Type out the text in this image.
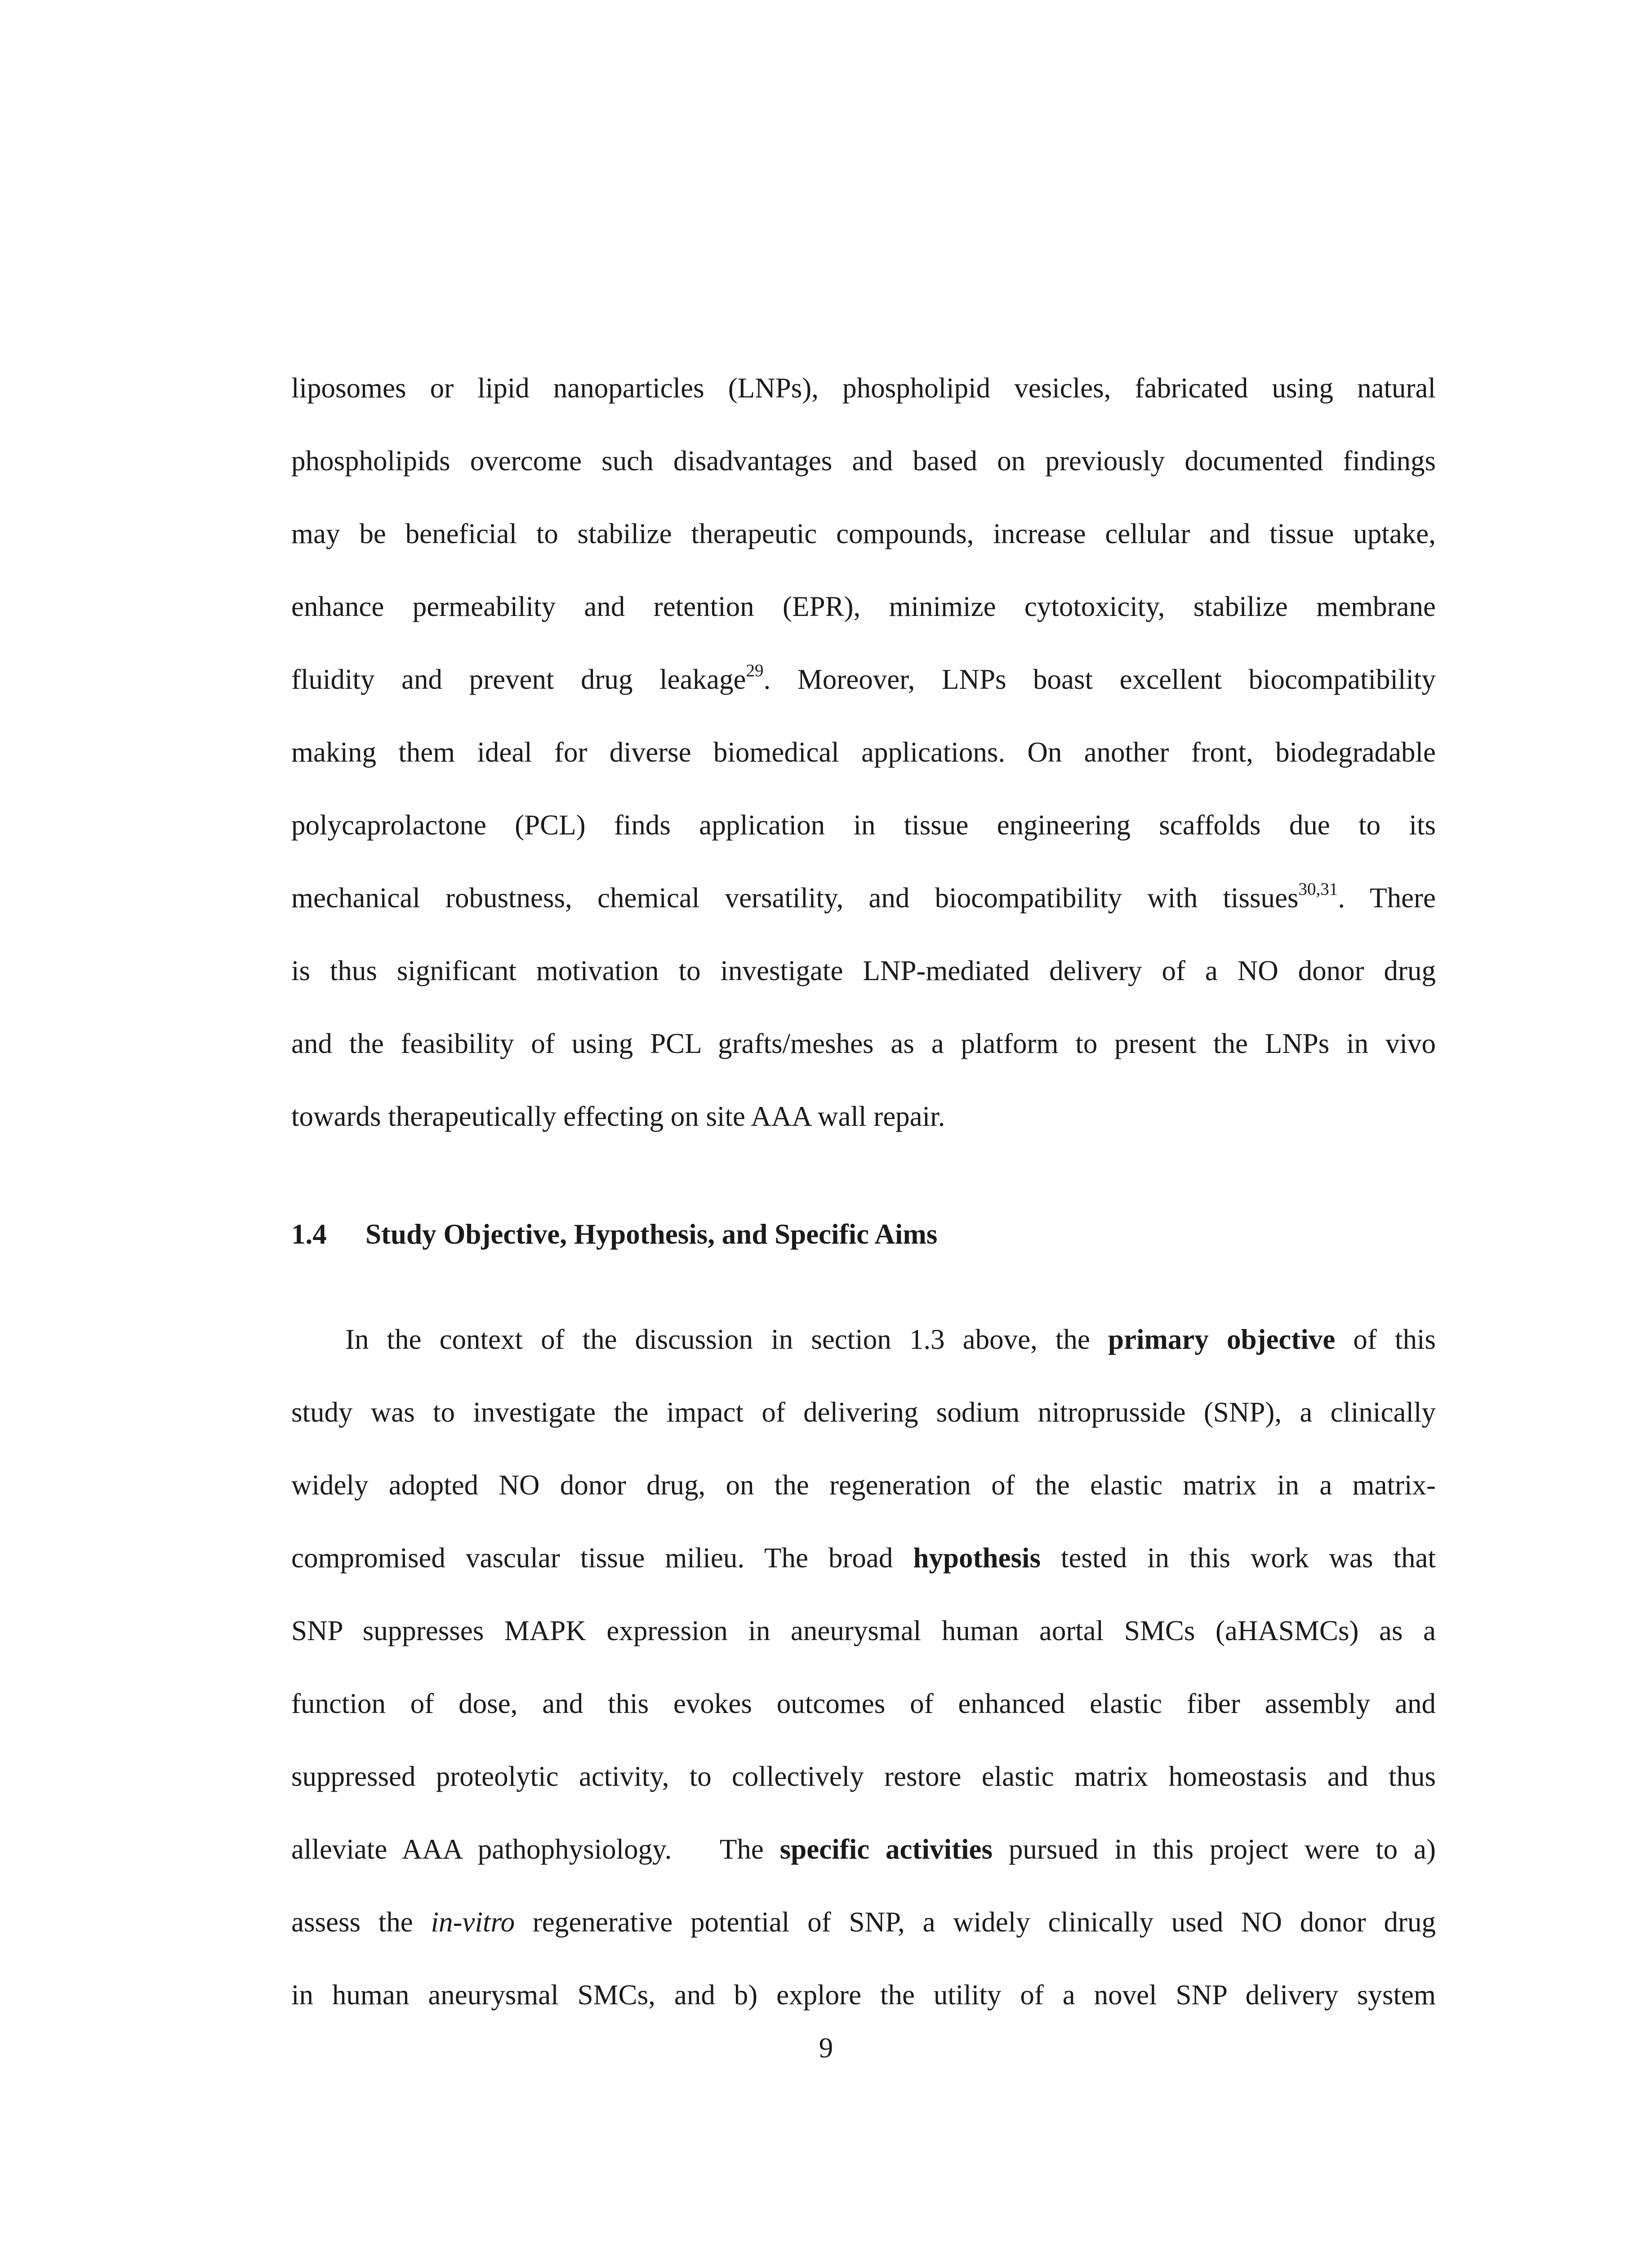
liposomes or lipid nanoparticles (LNPs), phospholipid vesicles, fabricated using natural
phospholipids overcome such disadvantages and based on previously documented findings
may be beneficial to stabilize therapeutic compounds, increase cellular and tissue uptake,
enhance permeability and retention (EPR), minimize cytotoxicity, stabilize membrane
fluidity and prevent drug leakage$^{29}$. Moreover, LNPs boast excellent biocompatibility
making them ideal for diverse biomedical applications. On another front, biodegradable
polycaprolactone (PCL) finds application in tissue engineering scaffolds due to its
mechanical robustness, chemical versatility, and biocompatibility with tissues$^{30,31}$. There
is thus significant motivation to investigate LNP-mediated delivery of a NO donor drug
and the feasibility of using PCL grafts/meshes as a platform to present the LNPs in vivo
towards therapeutically effecting on site AAA wall repair.
1.4 Study Objective, Hypothesis, and Specific Aims
In the context of the discussion in section 1.3 above, the primary objective of this
study was to investigate the impact of delivering sodium nitroprusside (SNP), a clinically
widely adopted NO donor drug, on the regeneration of the elastic matrix in a matrix-
compromised vascular tissue milieu. The broad hypothesis tested in this work was that
SNP suppresses MAPK expression in aneurysmal human aortal SMCs (aHASMCs) as a
function of dose, and this evokes outcomes of enhanced elastic fiber assembly and
suppressed proteolytic activity, to collectively restore elastic matrix homeostasis and thus
alleviate AAA pathophysiology.   The specific activities pursued in this project were to a)
assess the in-vitro regenerative potential of SNP, a widely clinically used NO donor drug
in human aneurysmal SMCs, and b) explore the utility of a novel SNP delivery system
9
